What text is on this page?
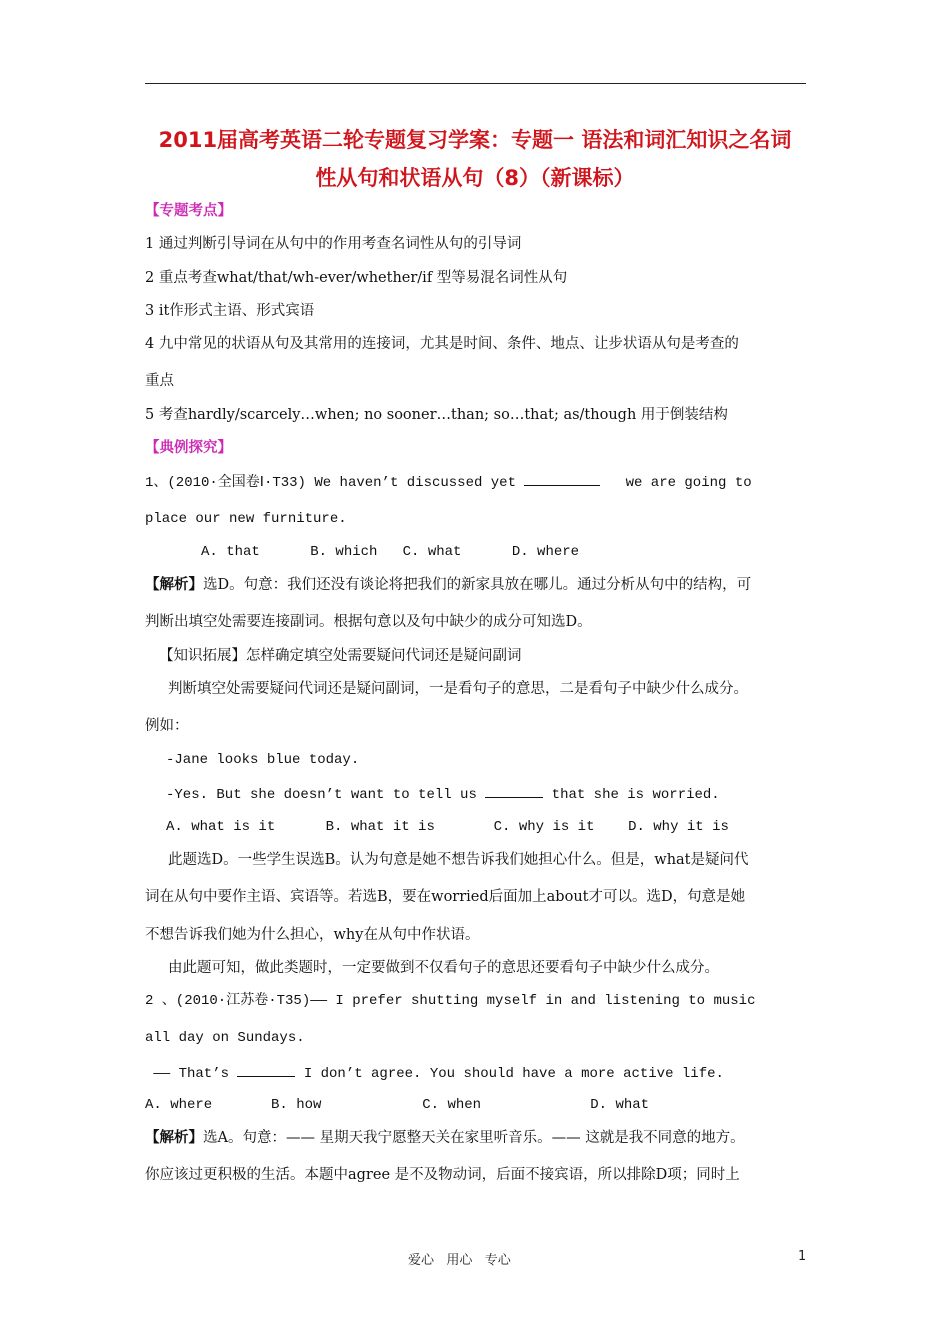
2011届高考英语二轮专题复习学案：专题一 语法和词汇知识之名词
性从句和状语从句（8）（新课标）
【专题考点】
1 通过判断引导词在从句中的作用考查名词性从句的引导词
2 重点考查what/that/wh-ever/whether/if 型等易混名词性从句
3 it作形式主语、形式宾语
4 九中常见的状语从句及其常用的连接词，尤其是时间、条件、地点、让步状语从句是考查的
重点
5 考查hardly/scarcely…when; no sooner…than; so…that; as/though 用于倒装结构
【典例探究】
1、(2010·全国卷Ⅰ·T33) We haven’t discussed yet	we are going to
place our new furniture.
A. that      B. which   C. what      D. where
【解析】选D。句意：我们还没有谈论将把我们的新家具放在哪儿。通过分析从句中的结构，可
判断出填空处需要连接副词。根据句意以及句中缺少的成分可知选D。
【知识拓展】怎样确定填空处需要疑问代词还是疑问副词
判断填空处需要疑问代词还是疑问副词，一是看句子的意思，二是看句子中缺少什么成分。
例如：
-Jane looks blue today.
-Yes. But she doesn’t want to tell us	that she is worried.
A. what is it      B. what it is       C. why is it    D. why it is
此题选D。一些学生误选B。认为句意是她不想告诉我们她担心什么。但是，what是疑问代
词在从句中要作主语、宾语等。若选B，要在worried后面加上about才可以。选D，句意是她
不想告诉我们她为什么担心，why在从句中作状语。
由此题可知，做此类题时，一定要做到不仅看句子的意思还要看句子中缺少什么成分。
2 、(2010·江苏卷·T35)—— I prefer shutting myself in and listening to music
all day on Sundays.
—— That’s	I don’t agree. You should have a more active life.
A. where       B. how            C. when             D. what
【解析】选A。句意：—— 星期天我宁愿整天关在家里听音乐。—— 这就是我不同意的地方。
你应该过更积极的生活。本题中agree 是不及物动词，后面不接宾语，所以排除D项；同时上
爱心   用心   专心	1
